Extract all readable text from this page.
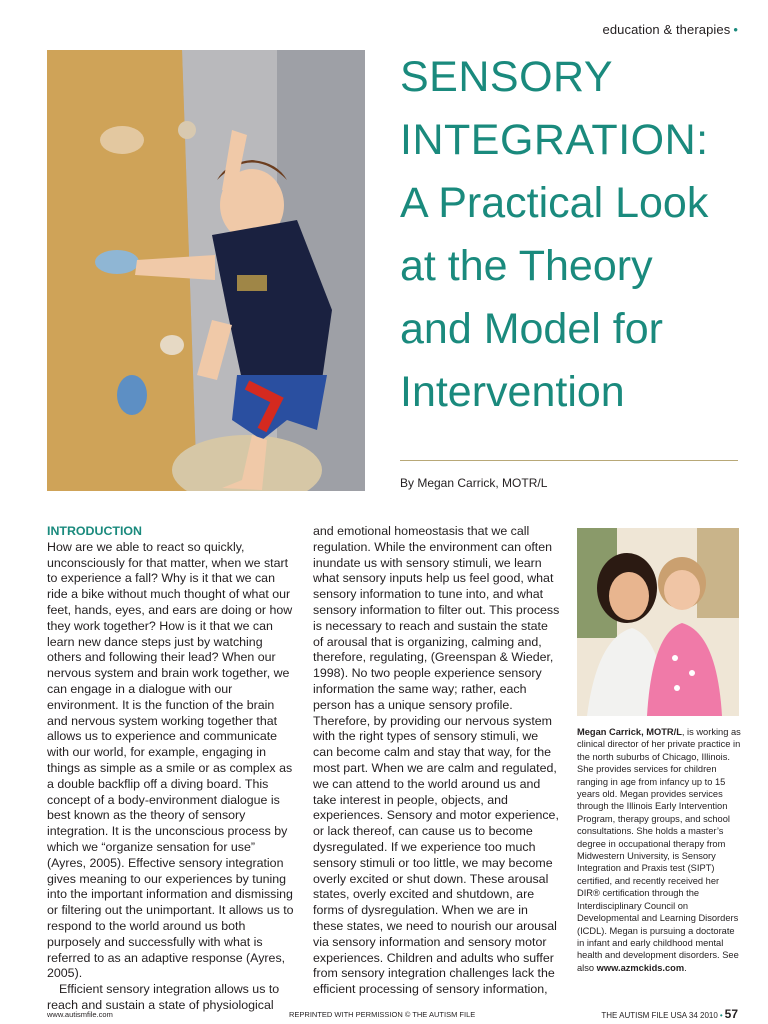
education & therapies •
SENSORY
INTEGRATION:
A Practical Look
at the Theory
and Model for
Intervention
By Megan Carrick, MOTR/L

INTRODUCTION

How are we able to react so quickly, unconsciously for that matter, when we start to experience a fall? Why is it that we can ride a bike without much thought of what our feet, hands, eyes, and ears are doing or how they work together? How is it that we can learn new dance steps just by watching others and following their lead? When our nervous system and brain work together, we can engage in a dialogue with our environment. It is the function of the brain and nervous system working together that allows us to experience and communicate with our world, for example, engaging in things as simple as a smile or as complex as a double backflip off a diving board. This concept of a body-environment dialogue is best known as the theory of sensory integration. It is the unconscious process by which we “organize sensation for use” (Ayres, 2005). Effective sensory integration gives meaning to our experiences by tuning into the important information and dismissing or filtering out the unimportant. It allows us to respond to the world around us both purposely and successfully with what is referred to as an adaptive response (Ayres, 2005).

Efficient sensory integration allows us to reach and sustain a state of physiological

and emotional homeostasis that we call regulation. While the environment can often inundate us with sensory stimuli, we learn what sensory inputs help us feel good, what sensory information to tune into, and what sensory information to filter out. This process is necessary to reach and sustain the state of arousal that is organizing, calming and, therefore, regulating, (Greenspan & Wieder, 1998). No two people experience sensory information the same way; rather, each person has a unique sensory profile. Therefore, by providing our nervous system with the right types of sensory stimuli, we can become calm and stay that way, for the most part. When we are calm and regulated, we can attend to the world around us and take interest in people, objects, and experiences. Sensory and motor experience, or lack thereof, can cause us to become dysregulated. If we experience too much sensory stimuli or too little, we may become overly excited or shut down. These arousal states, overly excited and shutdown, are forms of dysregulation. When we are in these states, we need to nourish our arousal via sensory information and sensory motor experiences. Children and adults who suffer from sensory integration challenges lack the efficient processing of sensory information,

Megan Carrick, MOTR/L, is working as clinical director of her private practice in the north suburbs of Chicago, Illinois. She provides services for children ranging in age from infancy up to 15 years old. Megan provides services through the Illinois Early Intervention Program, therapy groups, and school consultations. She holds a master’s degree in occupational therapy from Midwestern University, is Sensory Integration and Praxis test (SIPT) certified, and recently received her DIR® certification through the Interdisciplinary Council on Developmental and Learning Disorders (ICDL). Megan is pursuing a doctorate in infant and early childhood mental health and development disorders. See also www.azmckids.com.
www.autismfile.com	REPRINTED WITH PERMISSION © THE AUTISM FILE	THE AUTISM FILE USA 34 2010 • 57
